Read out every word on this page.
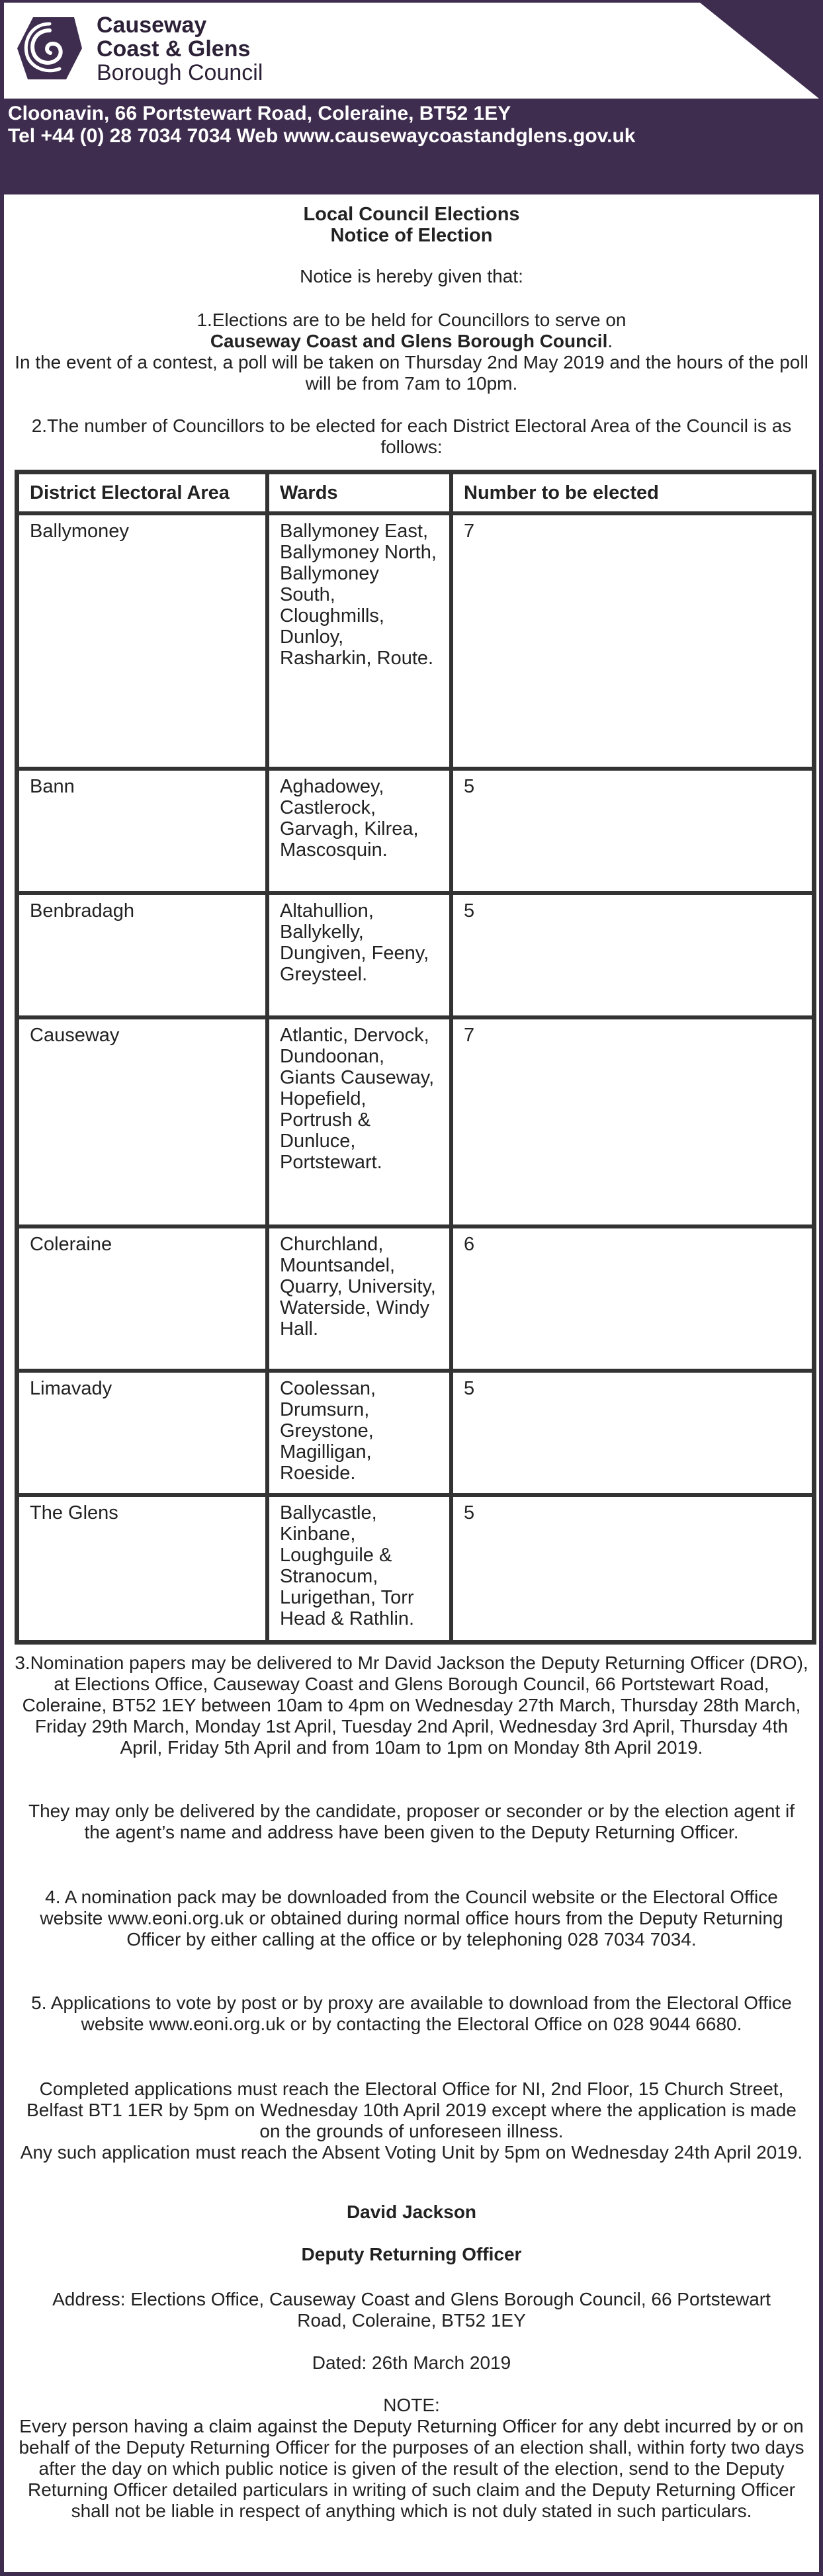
Causeway
Coast & Glens
Borough Council
Cloonavin, 66 Portstewart Road, Coleraine, BT52 1EY
Tel +44 (0) 28 7034 7034 Web www.causewaycoastandglens.gov.uk

Local Council Elections

Notice of Election

Notice is hereby given that:

1.Elections are to be held for Councillors to serve on

Causeway Coast and Glens Borough Council.

In the event of a contest, a poll will be taken on Thursday 2nd May 2019 and the hours of the poll will be from 7am to 10pm.

2.The number of Councillors to be elected for each District Electoral Area of the Council is as follows:

District Electoral Area	Wards	Number to be elected
Ballymoney	Ballymoney East, Ballymoney North, Ballymoney South, Cloughmills, Dunloy, Rasharkin, Route.	7
Bann	Aghadowey, Castlerock, Garvagh, Kilrea, Mascosquin.	5
Benbradagh	Altahullion, Ballykelly, Dungiven, Feeny, Greysteel.	5
Causeway	Atlantic, Dervock, Dundoonan, Giants Causeway, Hopefield, Portrush & Dunluce, Portstewart.	7
Coleraine	Churchland, Mountsandel, Quarry, University, Waterside, Windy Hall.	6
Limavady	Coolessan, Drumsurn, Greystone, Magilligan, Roeside.	5
The Glens	Ballycastle, Kinbane, Loughguile & Stranocum, Lurigethan, Torr Head & Rathlin.	5

3.Nomination papers may be delivered to Mr David Jackson the Deputy Returning Officer (DRO), at Elections Office, Causeway Coast and Glens Borough Council, 66 Portstewart Road, Coleraine, BT52 1EY between 10am to 4pm on Wednesday 27th March, Thursday 28th March, Friday 29th March, Monday 1st April, Tuesday 2nd April, Wednesday 3rd April, Thursday 4th April, Friday 5th April and from 10am to 1pm on Monday 8th April 2019.

They may only be delivered by the candidate, proposer or seconder or by the election agent if the agent’s name and address have been given to the Deputy Returning Officer.

4. A nomination pack may be downloaded from the Council website or the Electoral Office website www.eoni.org.uk or obtained during normal office hours from the Deputy Returning Officer by either calling at the office or by telephoning 028 7034 7034.

5. Applications to vote by post or by proxy are available to download from the Electoral Office website www.eoni.org.uk or by contacting the Electoral Office on 028 9044 6680.

Completed applications must reach the Electoral Office for NI, 2nd Floor, 15 Church Street, Belfast BT1 1ER by 5pm on Wednesday 10th April 2019 except where the application is made on the grounds of unforeseen illness.

Any such application must reach the Absent Voting Unit by 5pm on Wednesday 24th April 2019.

David Jackson

Deputy Returning Officer

Address: Elections Office, Causeway Coast and Glens Borough Council, 66 Portstewart Road, Coleraine, BT52 1EY

Dated: 26th March 2019

NOTE:

Every person having a claim against the Deputy Returning Officer for any debt incurred by or on behalf of the Deputy Returning Officer for the purposes of an election shall, within forty two days after the day on which public notice is given of the result of the election, send to the Deputy Returning Officer detailed particulars in writing of such claim and the Deputy Returning Officer shall not be liable in respect of anything which is not duly stated in such particulars.
